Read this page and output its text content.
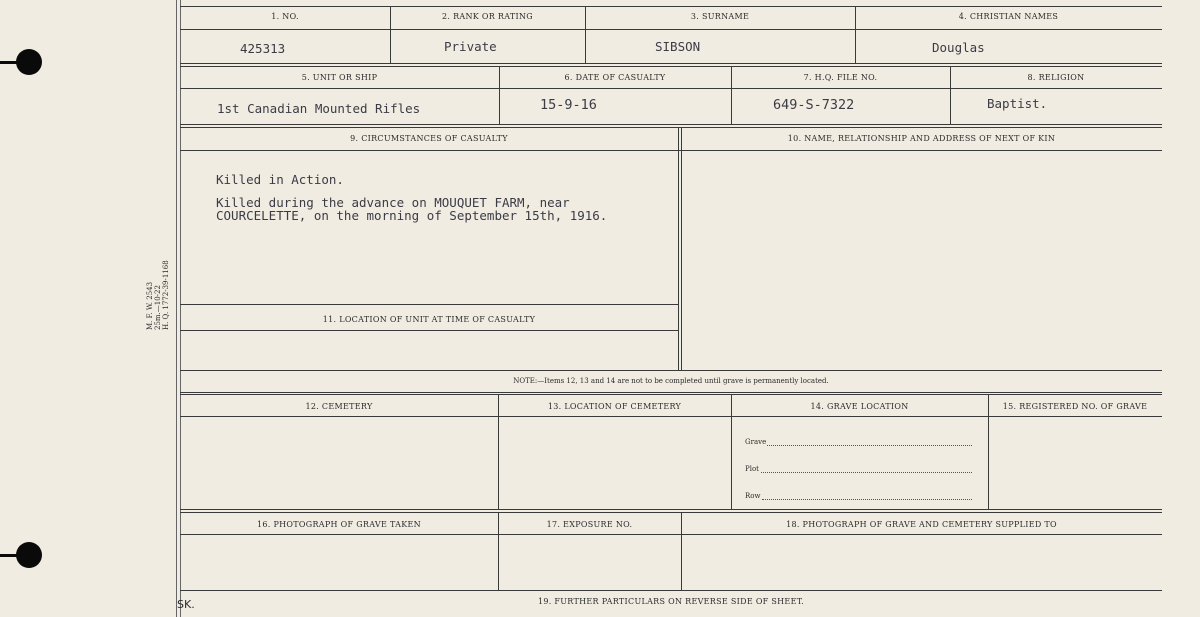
M. F. W. 2543 25m.—10-22 H. Q. 1772-39-1168
1. NO.	2. RANK OR RATING	3. SURNAME	4. CHRISTIAN NAMES
425313	Private	SIBSON	Douglas
5. UNIT OR SHIP	6. DATE OF CASUALTY	7. H.Q. FILE NO.	8. RELIGION
1st Canadian Mounted Rifles	15-9-16	649-S-7322	Baptist.
9. CIRCUMSTANCES OF CASUALTY	10. NAME, RELATIONSHIP AND ADDRESS OF NEXT OF KIN
Killed in Action.
Killed during the advance on MOUQUET FARM, near
COURCELETTE, on the morning of September 15th, 1916.
11. LOCATION OF UNIT AT TIME OF CASUALTY
NOTE:—Items 12, 13 and 14 are not to be completed until grave is permanently located.
12. CEMETERY	13. LOCATION OF CEMETERY	14. GRAVE LOCATION	15. REGISTERED NO. OF GRAVE
Grave
Plot
Row
16. PHOTOGRAPH OF GRAVE TAKEN	17. EXPOSURE NO.	18. PHOTOGRAPH OF GRAVE AND CEMETERY SUPPLIED TO
19. FURTHER PARTICULARS ON REVERSE SIDE OF SHEET.
SK.
